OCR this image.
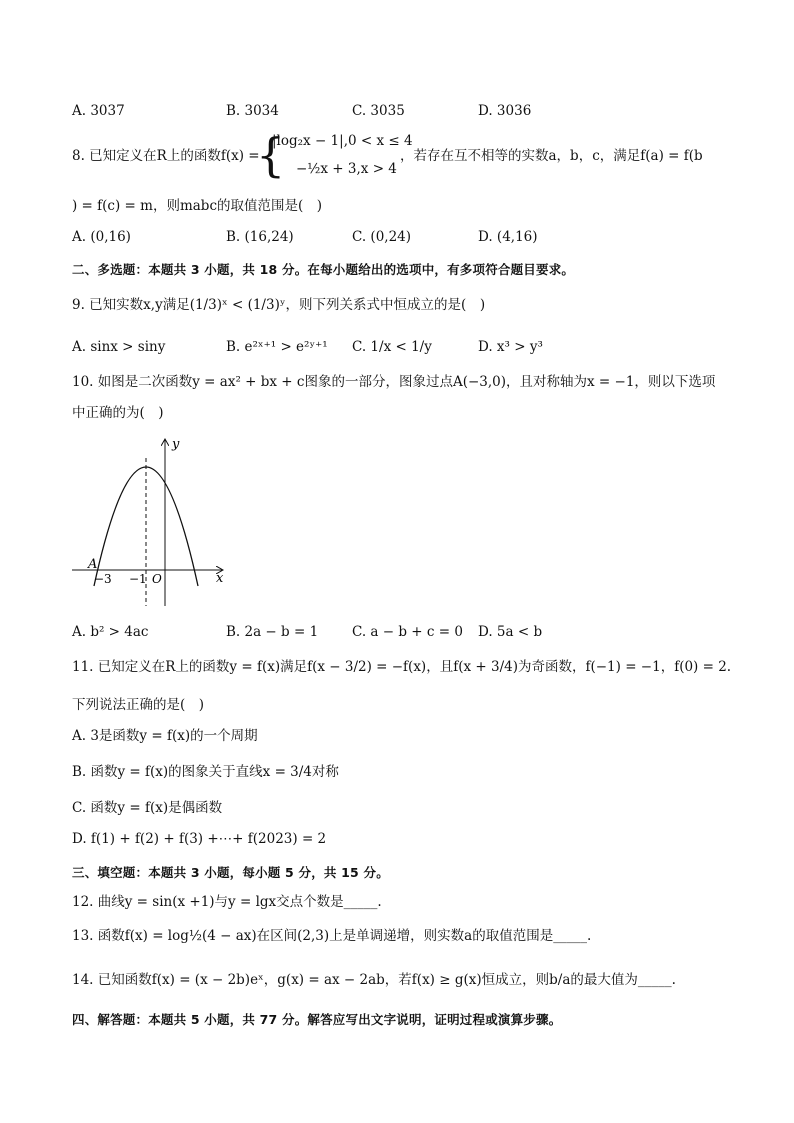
A. 3037	B. 3034	C. 3035	D. 3036
8. 已知定义在R上的函数f(x) =
{
|log₂x − 1|,0 < x ≤ 4
−½x + 3,x > 4
，若存在互不相等的实数a，b，c，满足f(a) = f(b
) = f(c) = m，则mabc的取值范围是(　)
A. (0,16)	B. (16,24)	C. (0,24)	D. (4,16)
二、多选题：本题共 3 小题，共 18 分。在每小题给出的选项中，有多项符合题目要求。
9. 已知实数x,y满足(1/3)ˣ < (1/3)ʸ，则下列关系式中恒成立的是(　)
A. sinx > siny	B. e²ˣ⁺¹ > e²ʸ⁺¹ C. 1/x < 1/y	D. x³ > y³
10. 如图是二次函数y = ax² + bx + c图象的一部分，图象过点A(−3,0)，且对称轴为x = −1，则以下选项
中正确的为(　)
y
x
A
−3 −1 O
A. b² > 4ac	B. 2a − b = 1	C. a − b + c = 0 D. 5a < b
11. 已知定义在R上的函数y = f(x)满足f(x − 3/2) = −f(x)，且f(x + 3/4)为奇函数，f(−1) = −1，f(0) = 2.
下列说法正确的是(　)
A. 3是函数y = f(x)的一个周期
B. 函数y = f(x)的图象关于直线x = 3/4对称
C. 函数y = f(x)是偶函数
D. f(1) + f(2) + f(3) +⋯+ f(2023) = 2
三、填空题：本题共 3 小题，每小题 5 分，共 15 分。
12. 曲线y = sin(x +1)与y = lgx交点个数是_____.
13. 函数f(x) = log½(4 − ax)在区间(2,3)上是单调递增，则实数a的取值范围是_____.
14. 已知函数f(x) = (x − 2b)eˣ，g(x) = ax − 2ab，若f(x) ≥ g(x)恒成立，则b/a的最大值为_____.
四、解答题：本题共 5 小题，共 77 分。解答应写出文字说明，证明过程或演算步骤。
